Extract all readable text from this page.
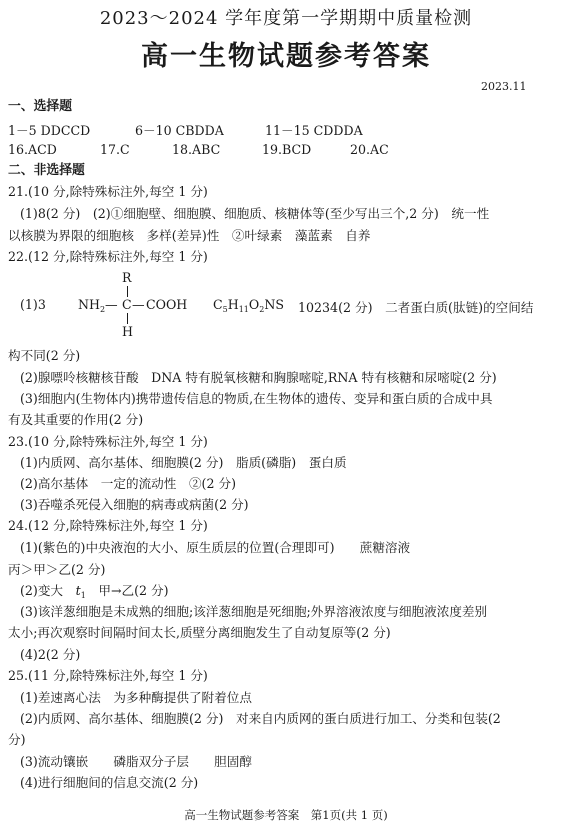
2023～2024 学年度第一学期期中质量检测
高一生物试题参考答案
2023.11
一、选择题
1－5 DDCCD	6－10 CBDDA	11－15 CDDDA
16.ACD	17.C	18.ABC	19.BCD	20.AC
二、非选择题
21.(10 分,除特殊标注外,每空 1 分)
(1)8(2 分)　(2)①细胞壁、细胞膜、细胞质、核糖体等(至少写出三个,2 分)　统一性
以核膜为界限的细胞核　多样(差异)性　②叶绿素　藻蓝素　自养
22.(12 分,除特殊标注外,每空 1 分)
R
(1)3	$NH_2$ — C — COOH
H
$C_5H_{11}O_2NS$ 10234(2 分)　二者蛋白质(肽链)的空间结
构不同(2 分)
(2)腺嘌呤核糖核苷酸　DNA 特有脱氧核糖和胸腺嘧啶,RNA 特有核糖和尿嘧啶(2 分)
(3)细胞内(生物体内)携带遗传信息的物质,在生物体的遗传、变异和蛋白质的合成中具
有及其重要的作用(2 分)
23.(10 分,除特殊标注外,每空 1 分)
(1)内质网、高尔基体、细胞膜(2 分)　脂质(磷脂)　蛋白质
(2)高尔基体　一定的流动性　②(2 分)
(3)吞噬杀死侵入细胞的病毒或病菌(2 分)
24.(12 分,除特殊标注外,每空 1 分)
(1)(紫色的)中央液泡的大小、原生质层的位置(合理即可)　　蔗糖溶液
丙＞甲＞乙(2 分)
(2)变大　$t_1$　甲→乙(2 分)
(3)该洋葱细胞是未成熟的细胞;该洋葱细胞是死细胞;外界溶液浓度与细胞液浓度差别
太小;再次观察时间隔时间太长,质壁分离细胞发生了自动复原等(2 分)
(4)2(2 分)
25.(11 分,除特殊标注外,每空 1 分)
(1)差速离心法　为多种酶提供了附着位点
(2)内质网、高尔基体、细胞膜(2 分)　对来自内质网的蛋白质进行加工、分类和包装(2
分)
(3)流动镶嵌　　磷脂双分子层　　胆固醇
(4)进行细胞间的信息交流(2 分)
高一生物试题参考答案　第1页(共 1 页)
